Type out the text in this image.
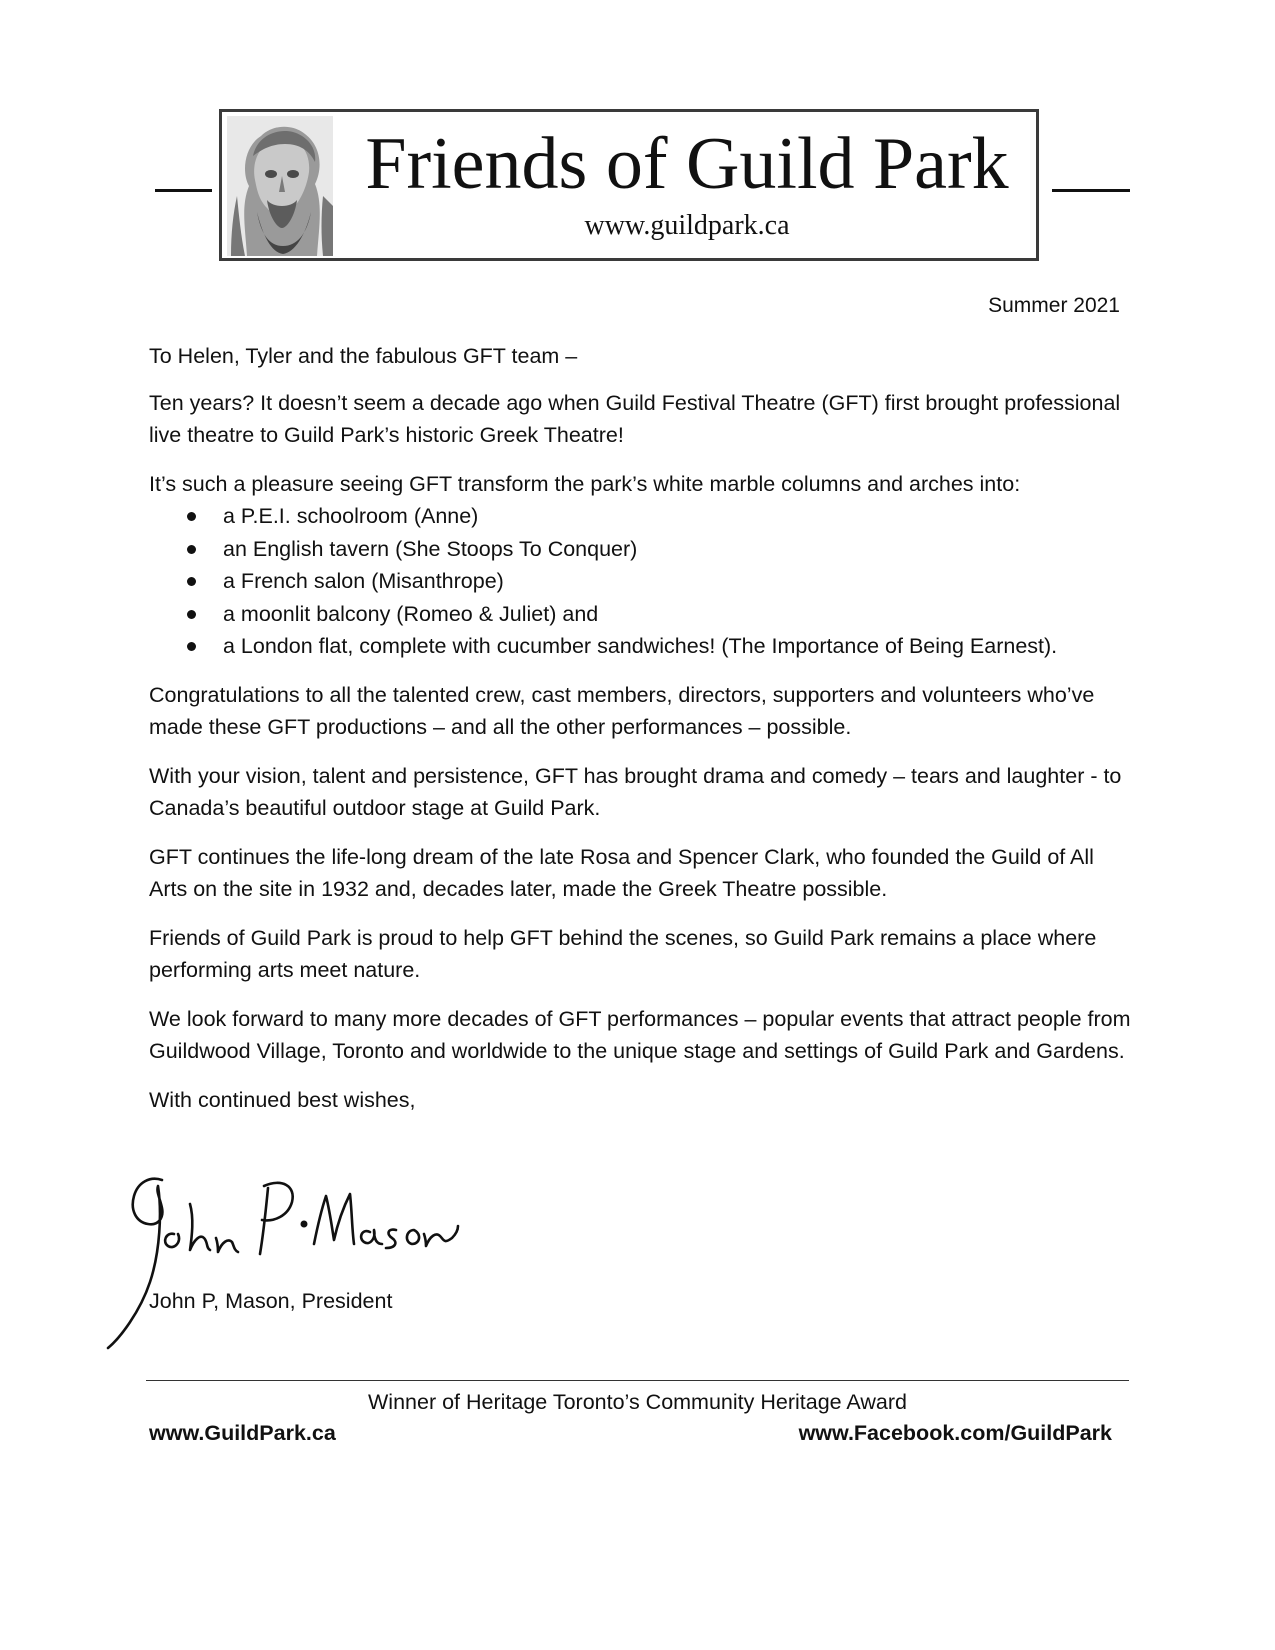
Friends of Guild Park
www.guildpark.ca
Summer 2021

To Helen, Tyler and the fabulous GFT team –

Ten years? It doesn’t seem a decade ago when Guild Festival Theatre (GFT) first brought professional live theatre to Guild Park’s historic Greek Theatre!

It’s such a pleasure seeing GFT transform the park’s white marble columns and arches into:

a P.E.I. schoolroom (Anne)
an English tavern (She Stoops To Conquer)
a French salon (Misanthrope)
a moonlit balcony (Romeo & Juliet) and
a London flat, complete with cucumber sandwiches! (The Importance of Being Earnest).

Congratulations to all the talented crew, cast members, directors, supporters and volunteers who’ve made these GFT productions – and all the other performances – possible.

With your vision, talent and persistence, GFT has brought drama and comedy – tears and laughter - to Canada’s beautiful outdoor stage at Guild Park.

GFT continues the life-long dream of the late Rosa and Spencer Clark, who founded the Guild of All Arts on the site in 1932 and, decades later, made the Greek Theatre possible.

Friends of Guild Park is proud to help GFT behind the scenes, so Guild Park remains a place where performing arts meet nature.

We look forward to many more decades of GFT performances – popular events that attract people from Guildwood Village, Toronto and worldwide to the unique stage and settings of Guild Park and Gardens.

With continued best wishes,

John P, Mason, President
Winner of Heritage Toronto’s Community Heritage Award
www.GuildPark.ca	www.Facebook.com/GuildPark
